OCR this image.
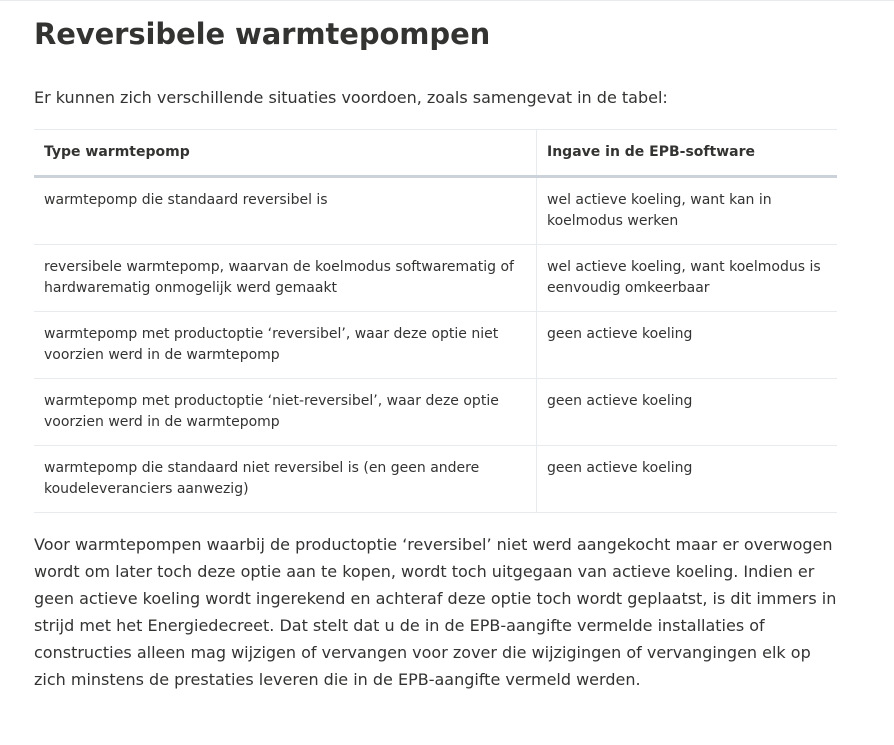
Reversibele warmtepompen

Er kunnen zich verschillende situaties voordoen, zoals samengevat in de tabel:

Type warmtepomp	Ingave in de EPB-software
warmtepomp die standaard reversibel is	wel actieve koeling, want kan in koelmodus werken
reversibele warmtepomp, waarvan de koelmodus softwarematig of hardwarematig onmogelijk werd gemaakt	wel actieve koeling, want koelmodus is eenvoudig omkeerbaar
warmtepomp met productoptie ‘reversibel’, waar deze optie niet voorzien werd in de warmtepomp	geen actieve koeling
warmtepomp met productoptie ‘niet-reversibel’, waar deze optie voorzien werd in de warmtepomp	geen actieve koeling
warmtepomp die standaard niet reversibel is (en geen andere koudeleveranciers aanwezig)	geen actieve koeling

Voor warmtepompen waarbij de productoptie ‘reversibel’ niet werd aangekocht maar er overwogen wordt om later toch deze optie aan te kopen, wordt toch uitgegaan van actieve koeling. Indien er geen actieve koeling wordt ingerekend en achteraf deze optie toch wordt geplaatst, is dit immers in strijd met het Energiedecreet. Dat stelt dat u de in de EPB-aangifte vermelde installaties of constructies alleen mag wijzigen of vervangen voor zover die wijzigingen of vervangingen elk op zich minstens de prestaties leveren die in de EPB-aangifte vermeld werden.
